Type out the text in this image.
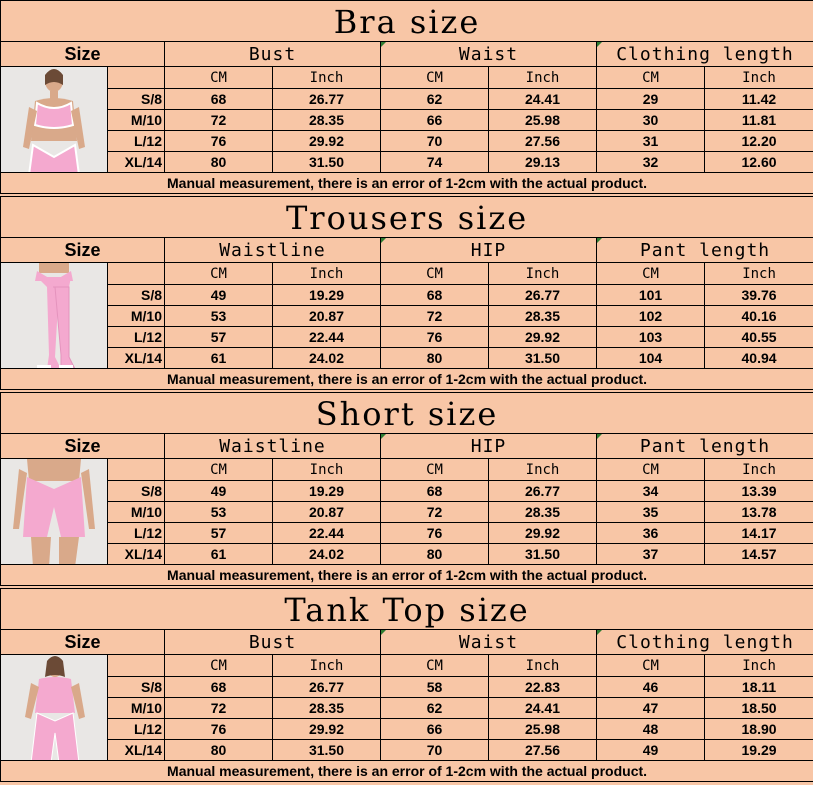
Bra size							
Size		Bust		Waist		Clothing length	

		CM	Inch	CM	Inch	CM	Inch
	S/8	68	26.77	62	24.41	29	11.42
	M/10	72	28.35	66	25.98	30	11.81
	L/12	76	29.92	70	27.56	31	12.20
	XL/14	80	31.50	74	29.13	32	12.60
Manual measurement, there is an error of 1-2cm with the actual product.							
Trousers size							
Size		Waistline		HIP		Pant length	

		CM	Inch	CM	Inch	CM	Inch
	S/8	49	19.29	68	26.77	101	39.76
	M/10	53	20.87	72	28.35	102	40.16
	L/12	57	22.44	76	29.92	103	40.55
	XL/14	61	24.02	80	31.50	104	40.94
Manual measurement, there is an error of 1-2cm with the actual product.							
Short size							
Size		Waistline		HIP		Pant length	

		CM	Inch	CM	Inch	CM	Inch
	S/8	49	19.29	68	26.77	34	13.39
	M/10	53	20.87	72	28.35	35	13.78
	L/12	57	22.44	76	29.92	36	14.17
	XL/14	61	24.02	80	31.50	37	14.57
Manual measurement, there is an error of 1-2cm with the actual product.							
Tank Top size							
Size		Bust		Waist		Clothing length	

		CM	Inch	CM	Inch	CM	Inch
	S/8	68	26.77	58	22.83	46	18.11
	M/10	72	28.35	62	24.41	47	18.50
	L/12	76	29.92	66	25.98	48	18.90
	XL/14	80	31.50	70	27.56	49	19.29
Manual measurement, there is an error of 1-2cm with the actual product.							
